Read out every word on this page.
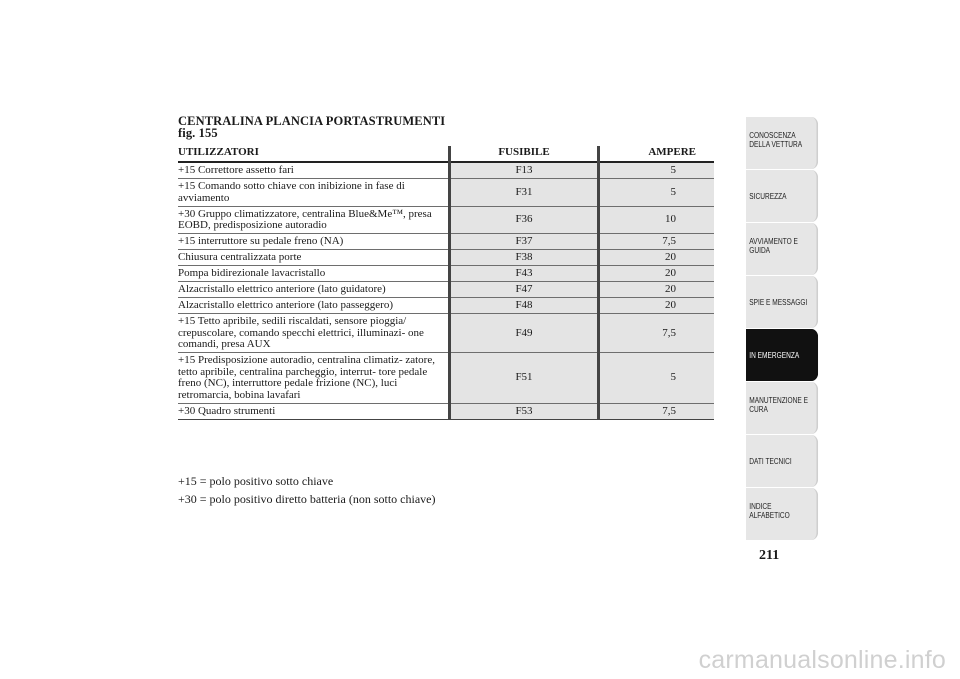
CENTRALINA PLANCIA PORTASTRUMENTI
fig. 155
UTILIZZATORI	FUSIBILE	AMPERE
+15 Correttore assetto fari	F13	5
+15 Comando sotto chiave con inibizione in fase di avviamento	F31	5
+30 Gruppo climatizzatore, centralina Blue&Me™, presa EOBD, predisposizione autoradio	F36	10
+15 interruttore su pedale freno (NA)	F37	7,5
Chiusura centralizzata porte	F38	20
Pompa bidirezionale lavacristallo	F43	20
Alzacristallo elettrico anteriore (lato guidatore)	F47	20
Alzacristallo elettrico anteriore (lato passeggero)	F48	20
+15 Tetto apribile, sedili riscaldati, sensore pioggia/ crepuscolare, comando specchi elettrici, illuminazi- one comandi, presa AUX	F49	7,5
+15 Predisposizione autoradio, centralina climatiz- zatore, tetto apribile, centralina parcheggio, interrut- tore pedale freno (NC), interruttore pedale frizione (NC), luci retromarcia, bobina lavafari	F51	5
+30 Quadro strumenti	F53	7,5
+15 = polo positivo sotto chiave
+30 = polo positivo diretto batteria (non sotto chiave)
CONOSCENZA
DELLA VETTURA
SICUREZZA
AVVIAMENTO E
GUIDA
SPIE E MESSAGGI
IN EMERGENZA
MANUTENZIONE E
CURA
DATI TECNICI
INDICE
ALFABETICO
211
carmanualsonline.info
